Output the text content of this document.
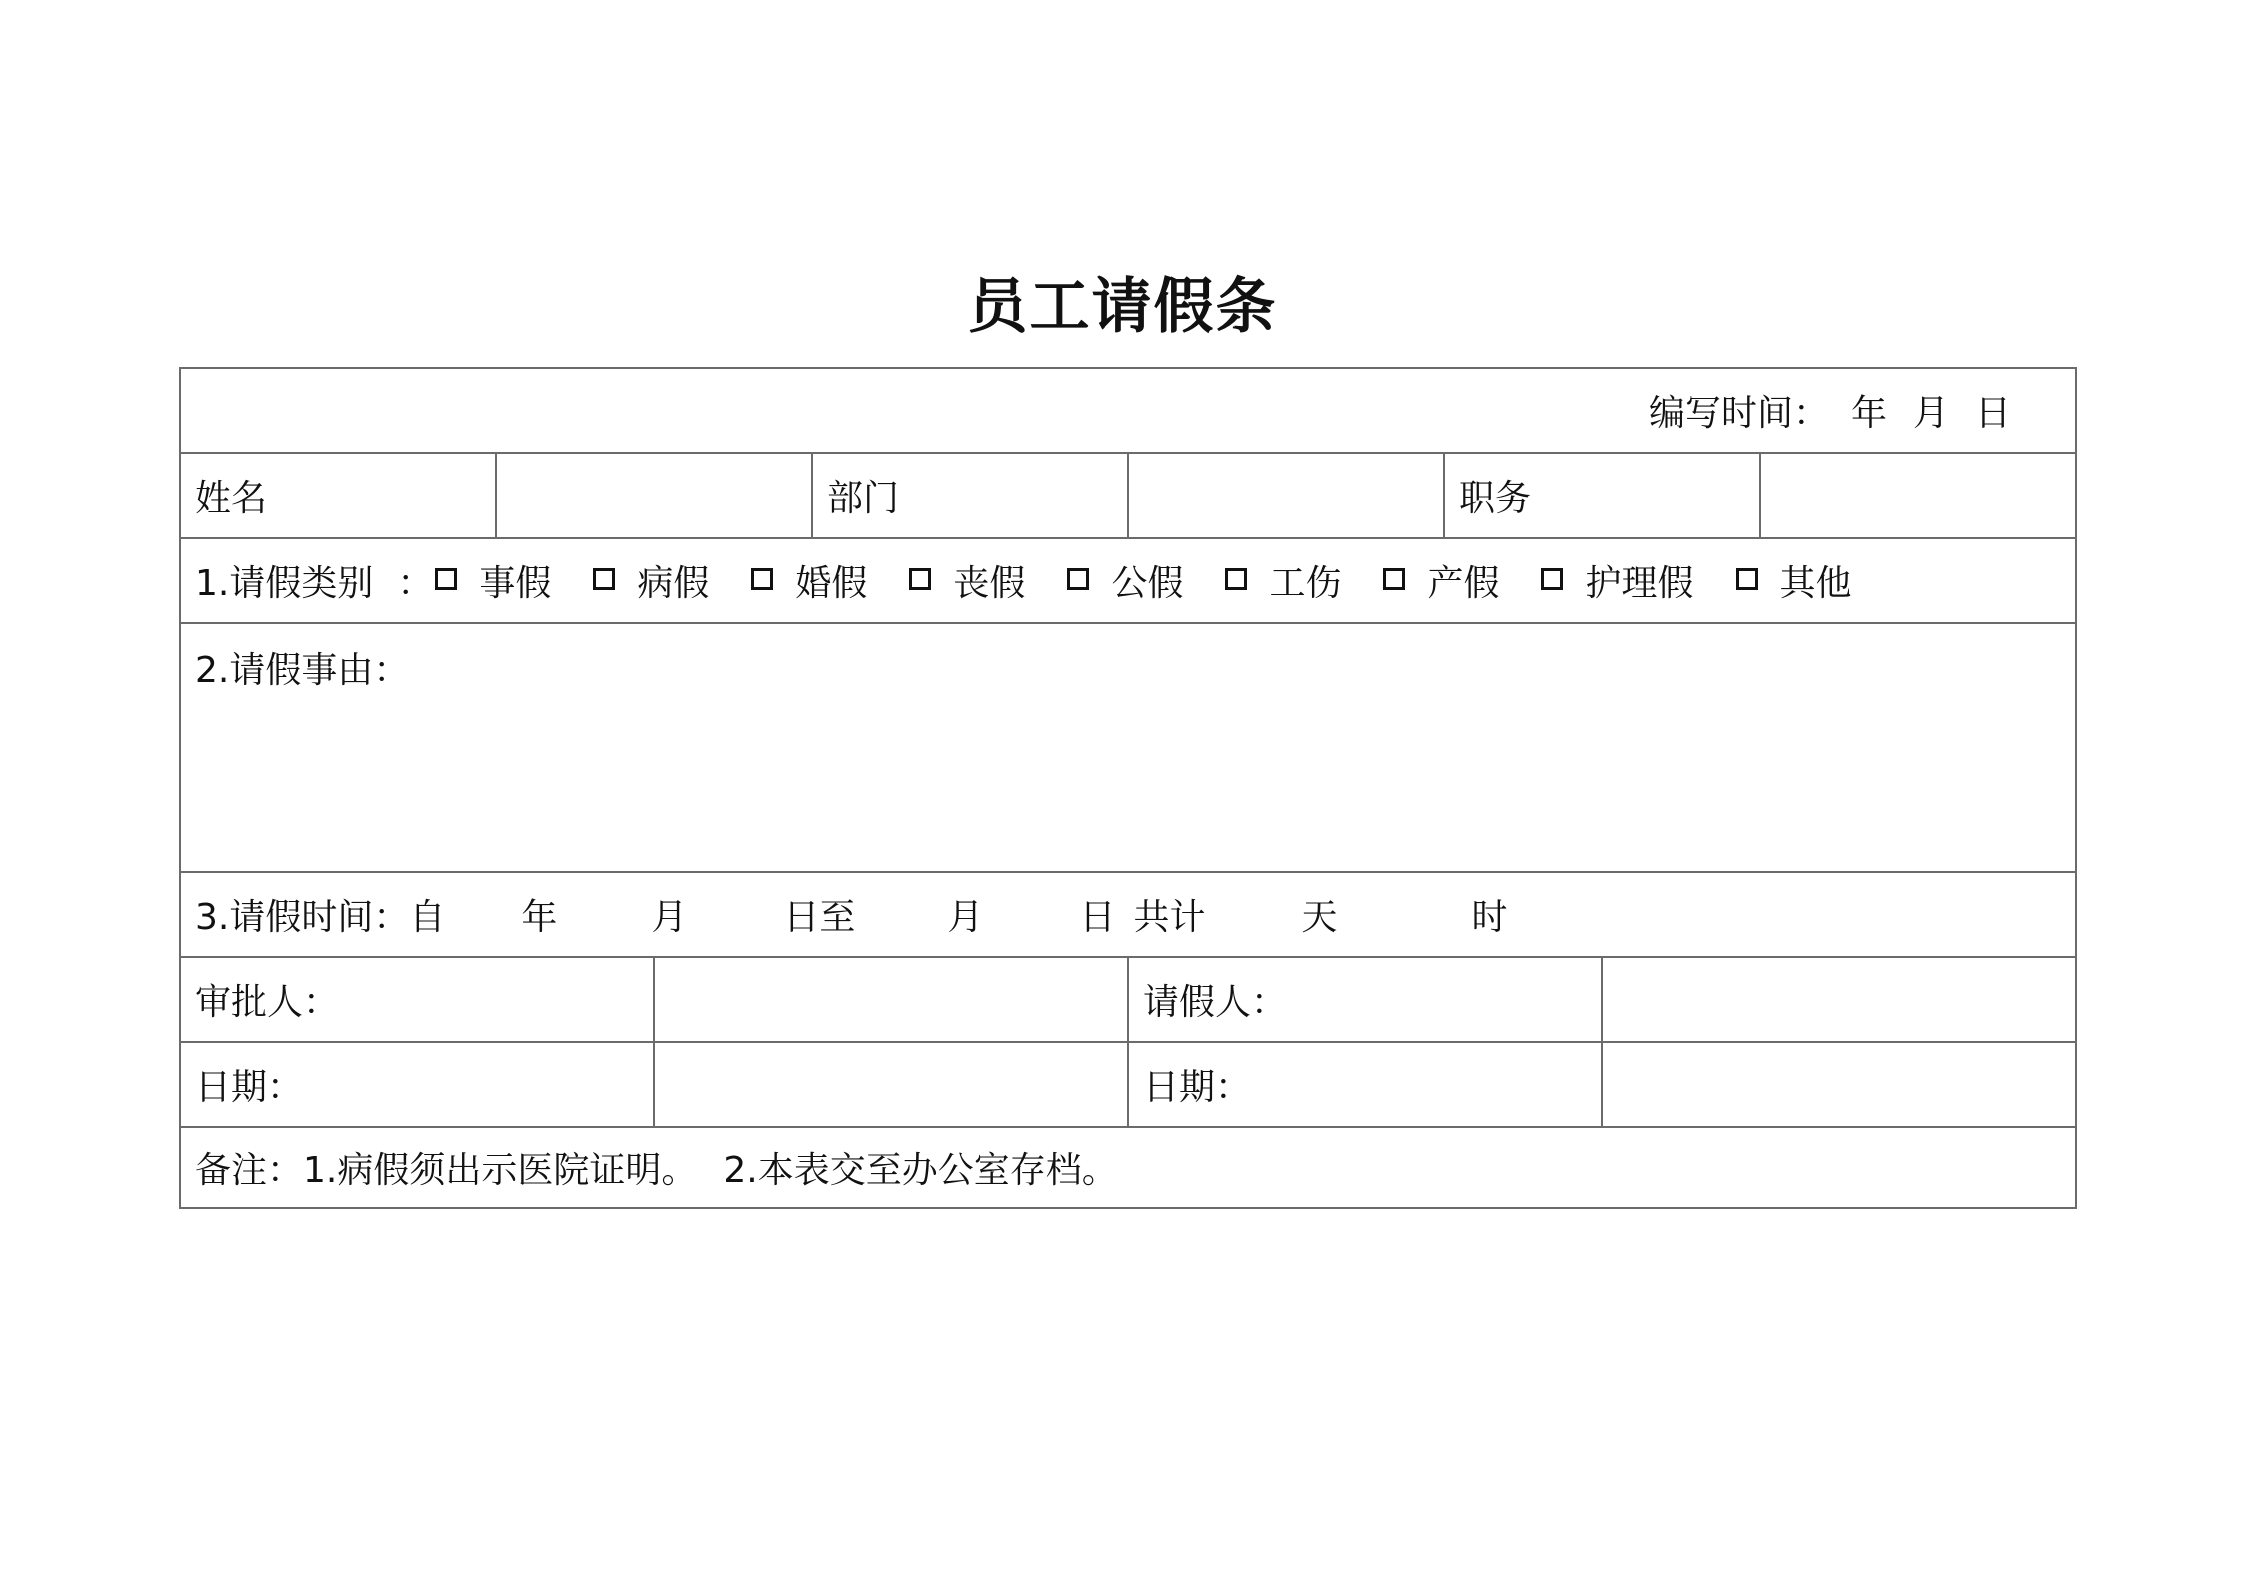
员工请假条
编写时间： 年 月 日
姓名	部门	职务
1.请假类别 ： 事假 病假 婚假 丧假 公假 工伤 产假 护理假 其他
2.请假事由：
3.请假时间： 自 年	月	日至	月	日 共计	天	时
审批人：	请假人：
日期：	日期：
备注： 1.病假须出示医院证明。 2.本表交至办公室存档。
